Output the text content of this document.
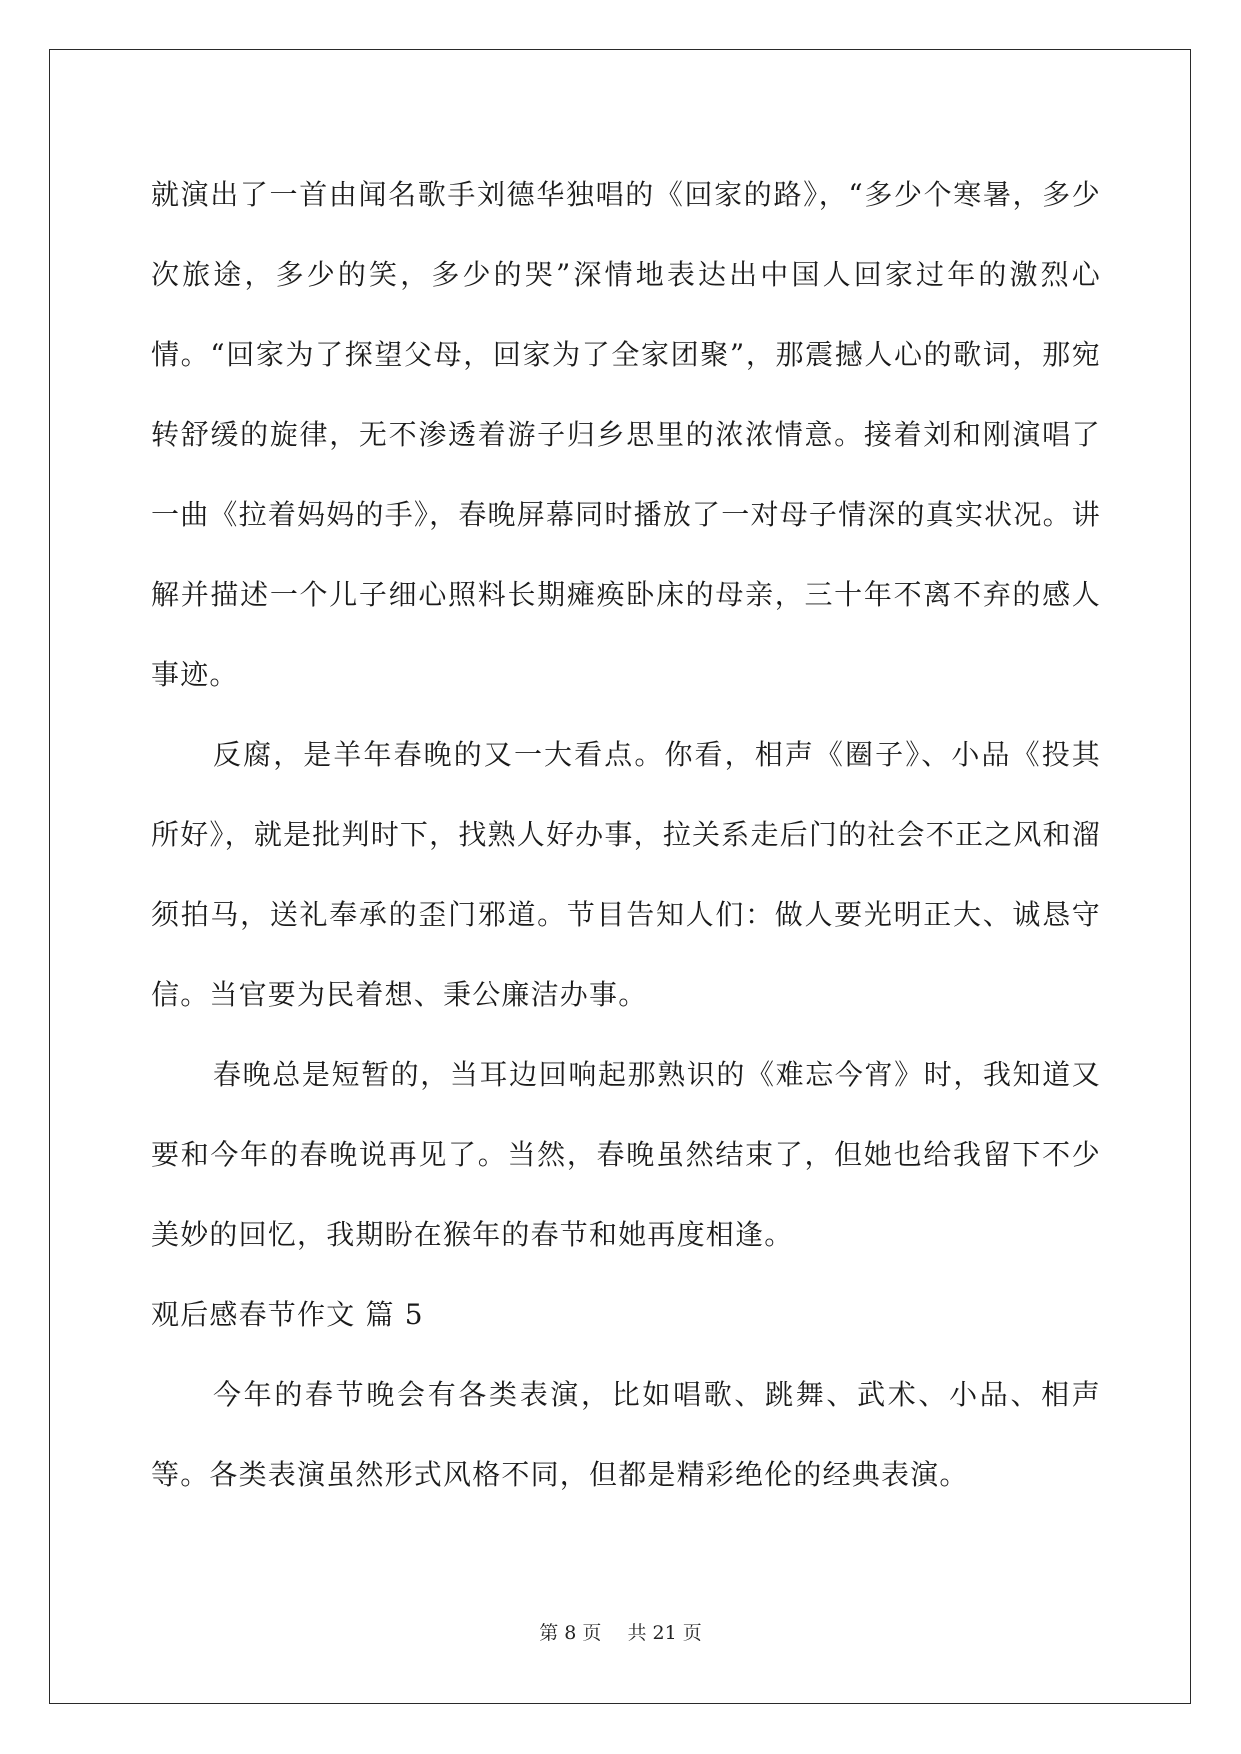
就演出了一首由闻名歌手刘德华独唱的《回家的路》，“多少个寒暑，多少次旅途，多少的笑，多少的哭”深情地表达出中国人回家过年的激烈心情。“回家为了探望父母，回家为了全家团聚”，那震撼人心的歌词，那宛转舒缓的旋律，无不渗透着游子归乡思里的浓浓情意。接着刘和刚演唱了一曲《拉着妈妈的手》，春晚屏幕同时播放了一对母子情深的真实状况。讲解并描述一个儿子细心照料长期瘫痪卧床的母亲，三十年不离不弃的感人事迹。

反腐，是羊年春晚的又一大看点。你看，相声《圈子》、小品《投其所好》，就是批判时下，找熟人好办事，拉关系走后门的社会不正之风和溜须拍马，送礼奉承的歪门邪道。节目告知人们：做人要光明正大、诚恳守信。当官要为民着想、秉公廉洁办事。

春晚总是短暂的，当耳边回响起那熟识的《难忘今宵》时，我知道又要和今年的春晚说再见了。当然，春晚虽然结束了，但她也给我留下不少美妙的回忆，我期盼在猴年的春节和她再度相逢。

观后感春节作文 篇 5

今年的春节晚会有各类表演，比如唱歌、跳舞、武术、小品、相声等。各类表演虽然形式风格不同，但都是精彩绝伦的经典表演。

第 8 页 共 21 页
